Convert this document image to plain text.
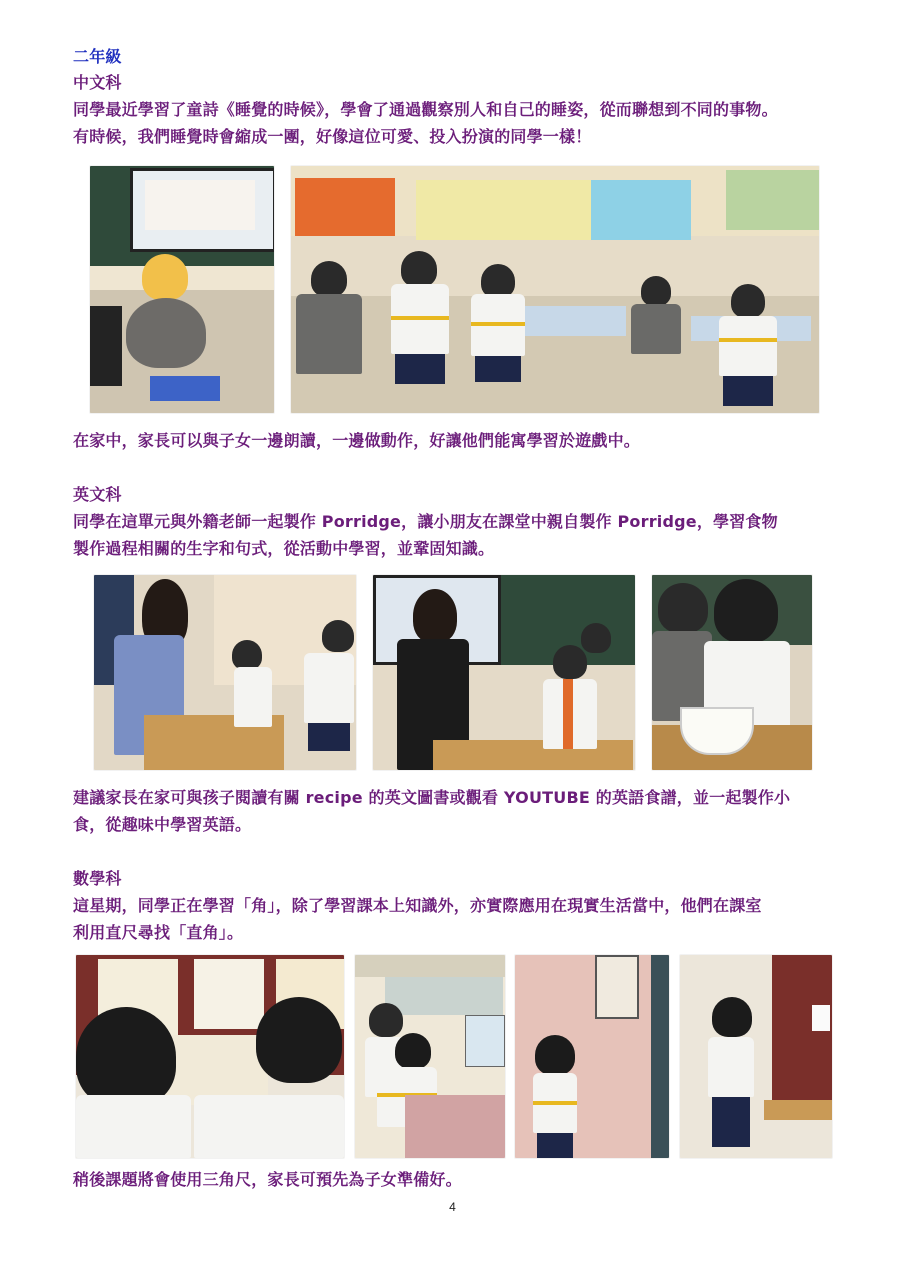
二年級

中文科

同學最近學習了童詩《睡覺的時候》，學會了通過觀察別人和自己的睡姿，從而聯想到不同的事物。

有時候，我們睡覺時會縮成一團，好像這位可愛、投入扮演的同學一樣！

在家中，家長可以與子女一邊朗讀，一邊做動作，好讓他們能寓學習於遊戲中。

英文科

同學在這單元與外籍老師一起製作 Porridge，讓小朋友在課堂中親自製作 Porridge，學習食物

製作過程相關的生字和句式，從活動中學習，並鞏固知識。

建議家長在家可與孩子閱讀有關 recipe 的英文圖書或觀看 YOUTUBE 的英語食譜，並一起製作小

食，從趣味中學習英語。

數學科

這星期，同學正在學習「角」，除了學習課本上知識外，亦實際應用在現實生活當中，他們在課室

利用直尺尋找「直角」。

稍後課題將會使用三角尺，家長可預先為子女準備好。

4
